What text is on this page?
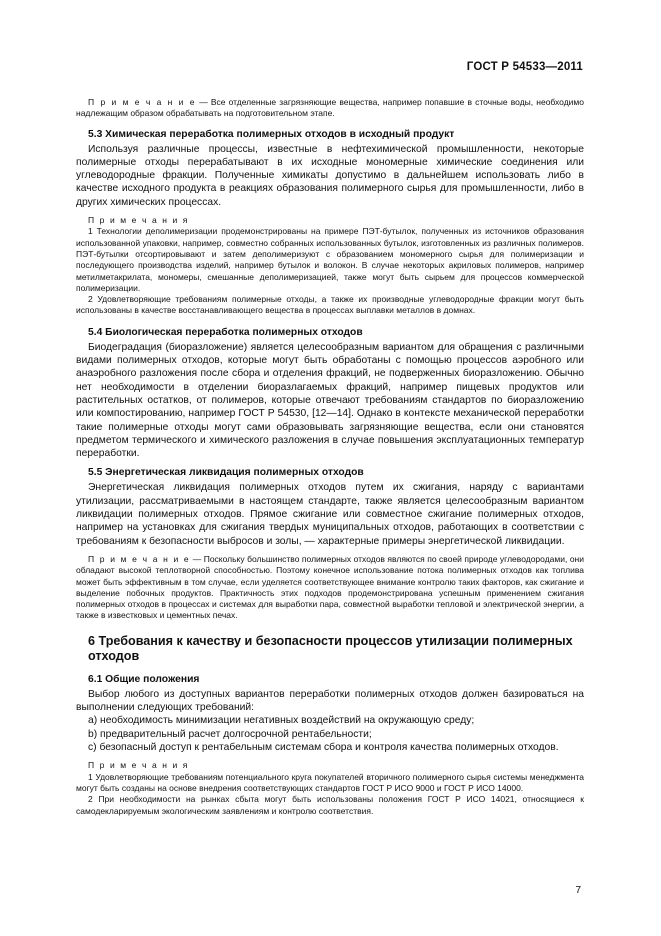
ГОСТ Р 54533—2011

П р и м е ч а н и е — Все отделенные загрязняющие вещества, например попавшие в сточные воды, необходимо надлежащим образом обрабатывать на подготовительном этапе.

5.3 Химическая переработка полимерных отходов в исходный продукт

Используя различные процессы, известные в нефтехимической промышленности, некоторые полимерные отходы перерабатывают в их исходные мономерные химические соединения или углеводородные фракции. Полученные химикаты допустимо в дальнейшем использовать либо в качестве исходного продукта в реакциях образования полимерного сырья для промышленности, либо в других химических процессах.

П р и м е ч а н и я

1 Технологии деполимеризации продемонстрированы на примере ПЭТ-бутылок, полученных из источников образования использованной упаковки, например, совместно собранных использованных бутылок, изготовленных из различных полимеров. ПЭТ-бутылки отсортировывают и затем деполимеризуют с образованием мономерного сырья для полимеризации и последующего производства изделий, например бутылок и волокон. В случае некоторых акриловых полимеров, например метилметакрилата, мономеры, смешанные деполимеризацией, также могут быть сырьем для процессов коммерческой полимеризации.

2 Удовлетворяющие требованиям полимерные отходы, а также их производные углеводородные фракции могут быть использованы в качестве восстанавливающего вещества в процессах выплавки металлов в домнах.

5.4 Биологическая переработка полимерных отходов

Биодеградация (биоразложение) является целесообразным вариантом для обращения с различными видами полимерных отходов, которые могут быть обработаны с помощью процессов аэробного или анаэробного разложения после сбора и отделения фракций, не подверженных биоразложению. Обычно нет необходимости в отделении биоразлагаемых фракций, например пищевых продуктов или растительных остатков, от полимеров, которые отвечают требованиям стандартов по биоразложению или компостированию, например ГОСТ Р 54530, [12—14]. Однако в контексте механической переработки такие полимерные отходы могут сами образовывать загрязняющие вещества, если они становятся предметом термического и химического разложения в случае повышения эксплуатационных температур переработки.

5.5 Энергетическая ликвидация полимерных отходов

Энергетическая ликвидация полимерных отходов путем их сжигания, наряду с вариантами утилизации, рассматриваемыми в настоящем стандарте, также является целесообразным вариантом ликвидации полимерных отходов. Прямое сжигание или совместное сжигание полимерных отходов, например на установках для сжигания твердых муниципальных отходов, работающих в соответствии с требованиям к безопасности выбросов и золы, — характерные примеры энергетической ликвидации.

П р и м е ч а н и е — Поскольку большинство полимерных отходов являются по своей природе углеводородами, они обладают высокой теплотворной способностью. Поэтому конечное использование потока полимерных отходов как топлива может быть эффективным в том случае, если уделяется соответствующее внимание контролю таких факторов, как сжигание и выделение побочных продуктов. Практичность этих подходов продемонстрирована успешным применением сжигания полимерных отходов в процессах и системах для выработки пара, совместной выработки тепловой и электрической энергии, а также в известковых и цементных печах.

6 Требования к качеству и безопасности процессов утилизации полимерных отходов
6.1 Общие положения

Выбор любого из доступных вариантов переработки полимерных отходов должен базироваться на выполнении следующих требований:

a) необходимость минимизации негативных воздействий на окружающую среду;
b) предварительный расчет долгосрочной рентабельности;
c) безопасный доступ к рентабельным системам сбора и контроля качества полимерных отходов.
П р и м е ч а н и я

1 Удовлетворяющие требованиям потенциального круга покупателей вторичного полимерного сырья системы менеджмента могут быть созданы на основе внедрения соответствующих стандартов ГОСТ Р ИСО 9000 и ГОСТ Р ИСО 14000.

2 При необходимости на рынках сбыта могут быть использованы положения ГОСТ Р ИСО 14021, относящиеся к самодекларируемым экологическим заявлениям и контролю соответствия.

7
